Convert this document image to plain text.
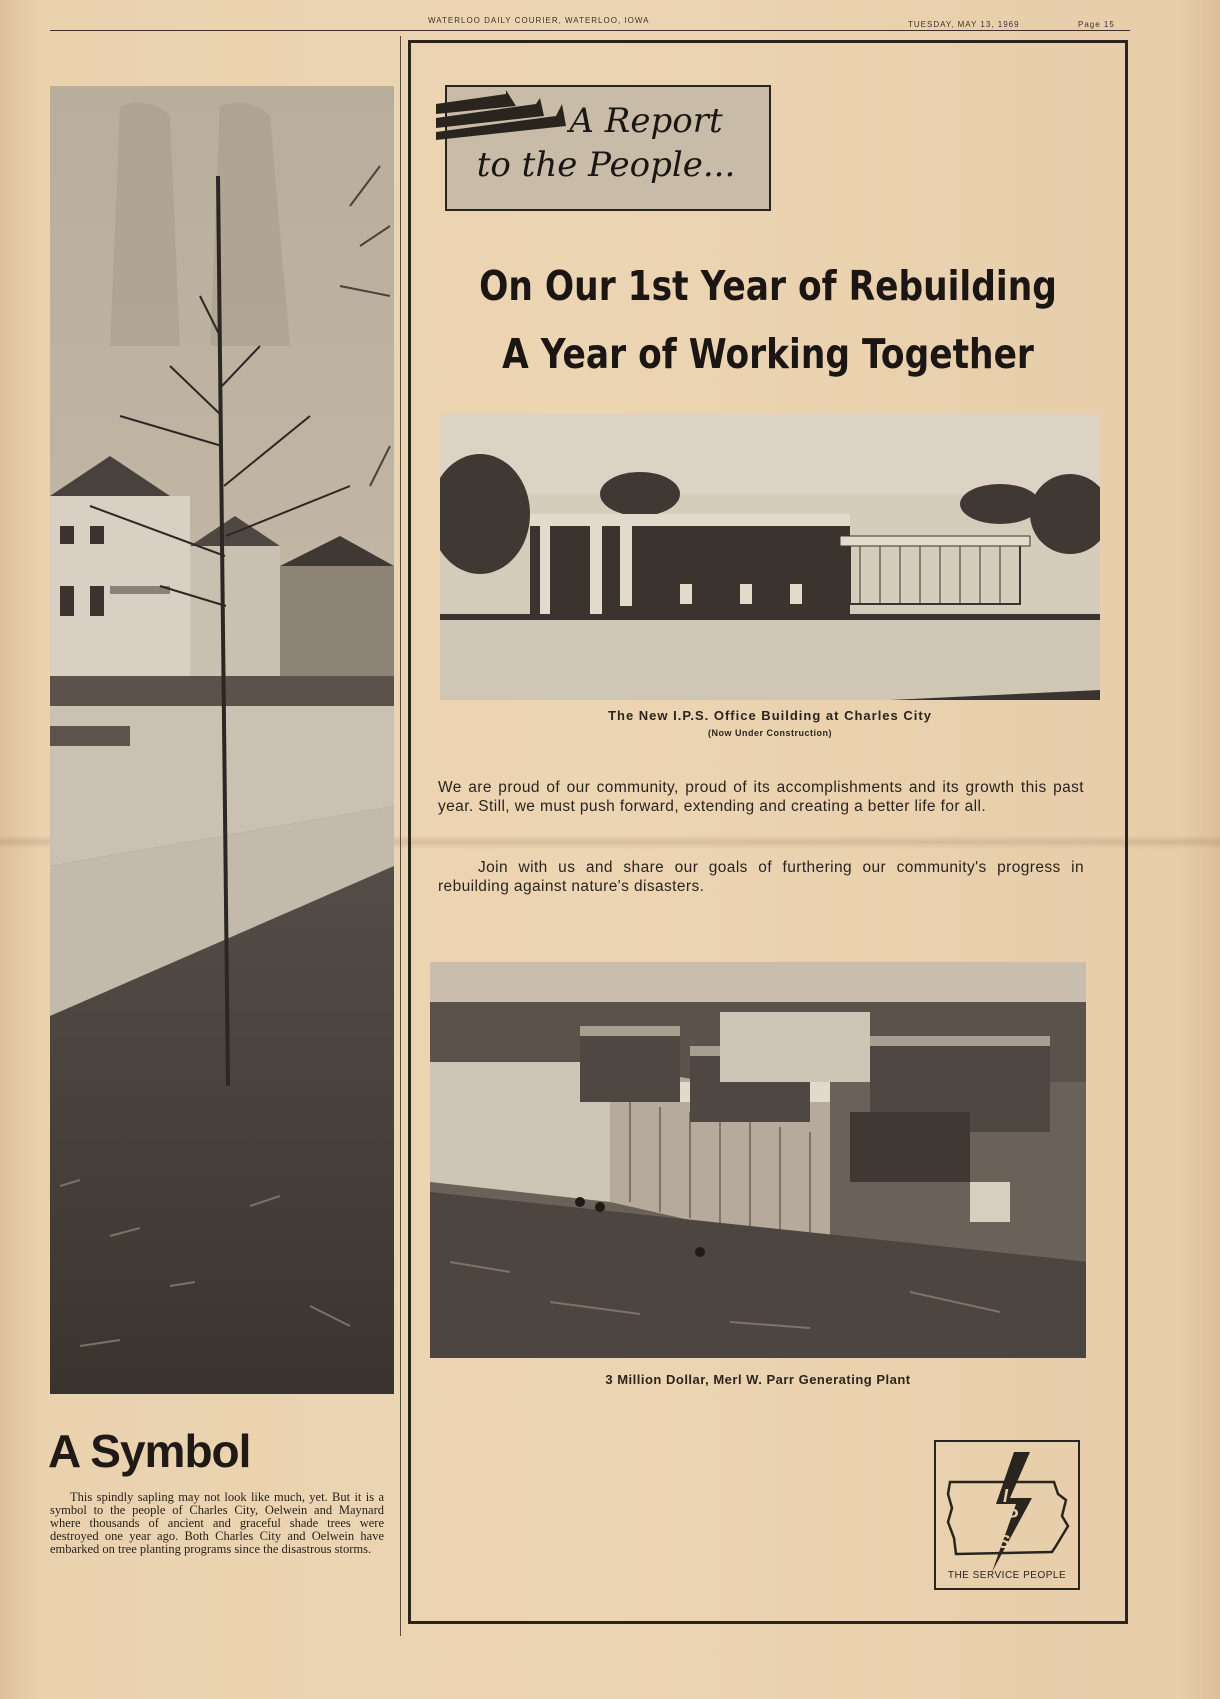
WATERLOO DAILY COURIER, WATERLOO, IOWA	TUESDAY, MAY 13, 1969	Page 15
A Symbol
This spindly sapling may not look like much, yet. But it is a symbol to the people of Charles City, Oelwein and Maynard where thousands of ancient and graceful shade trees were destroyed one year ago. Both Charles City and Oelwein have embarked on tree planting programs since the disastrous storms.
A Report
to the People...
On Our 1st Year of Rebuilding
A Year of Working Together
The New I.P.S. Office Building at Charles City
(Now Under Construction)
We are proud of our community, proud of its accomplishments and its growth this past year. Still, we must push forward, extending and creating a better life for all.
Join with us and share our goals of furthering our community's progress in rebuilding against nature's disasters.
3 Million Dollar, Merl W. Parr Generating Plant
I
P
S
THE SERVICE PEOPLE
